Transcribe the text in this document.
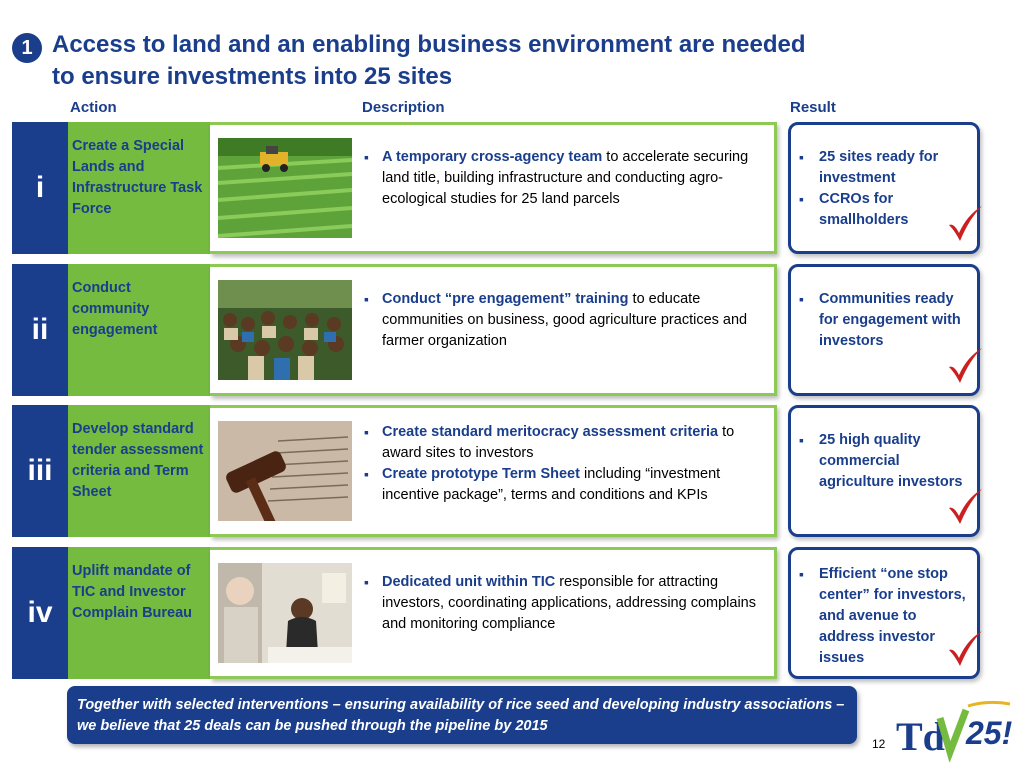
1 Access to land and an enabling business environment are needed
to ensure investments into 25 sites
Action	Description	Result
i
Create a Special Lands and Infrastructure Task Force
▪ A temporary cross-agency team to accelerate securing land title, building infrastructure and conducting agro-ecological studies for 25 land parcels
▪ 25 sites ready for investment
▪ CCROs for smallholders
ii
Conduct community engagement
▪ Conduct “pre engagement” training to educate communities on business, good agriculture practices and farmer organization
▪ Communities ready for engagement with investors
iii
Develop standard tender assessment criteria and Term Sheet
▪ Create standard meritocracy assessment criteria to award sites to investors
▪ Create prototype Term Sheet including “investment incentive package”, terms and conditions and KPIs
▪ 25 high quality commercial agriculture investors
iv
Uplift mandate of TIC and Investor Complain Bureau
▪ Dedicated unit within TIC responsible for attracting investors, coordinating applications, addressing complains and monitoring compliance
▪ Efficient “one stop center” for investors, and avenue to address investor issues
Together with selected interventions – ensuring availability of rice seed and developing industry associations – we believe that 25 deals can be pushed through the pipeline by 2015
12 Td 25!
